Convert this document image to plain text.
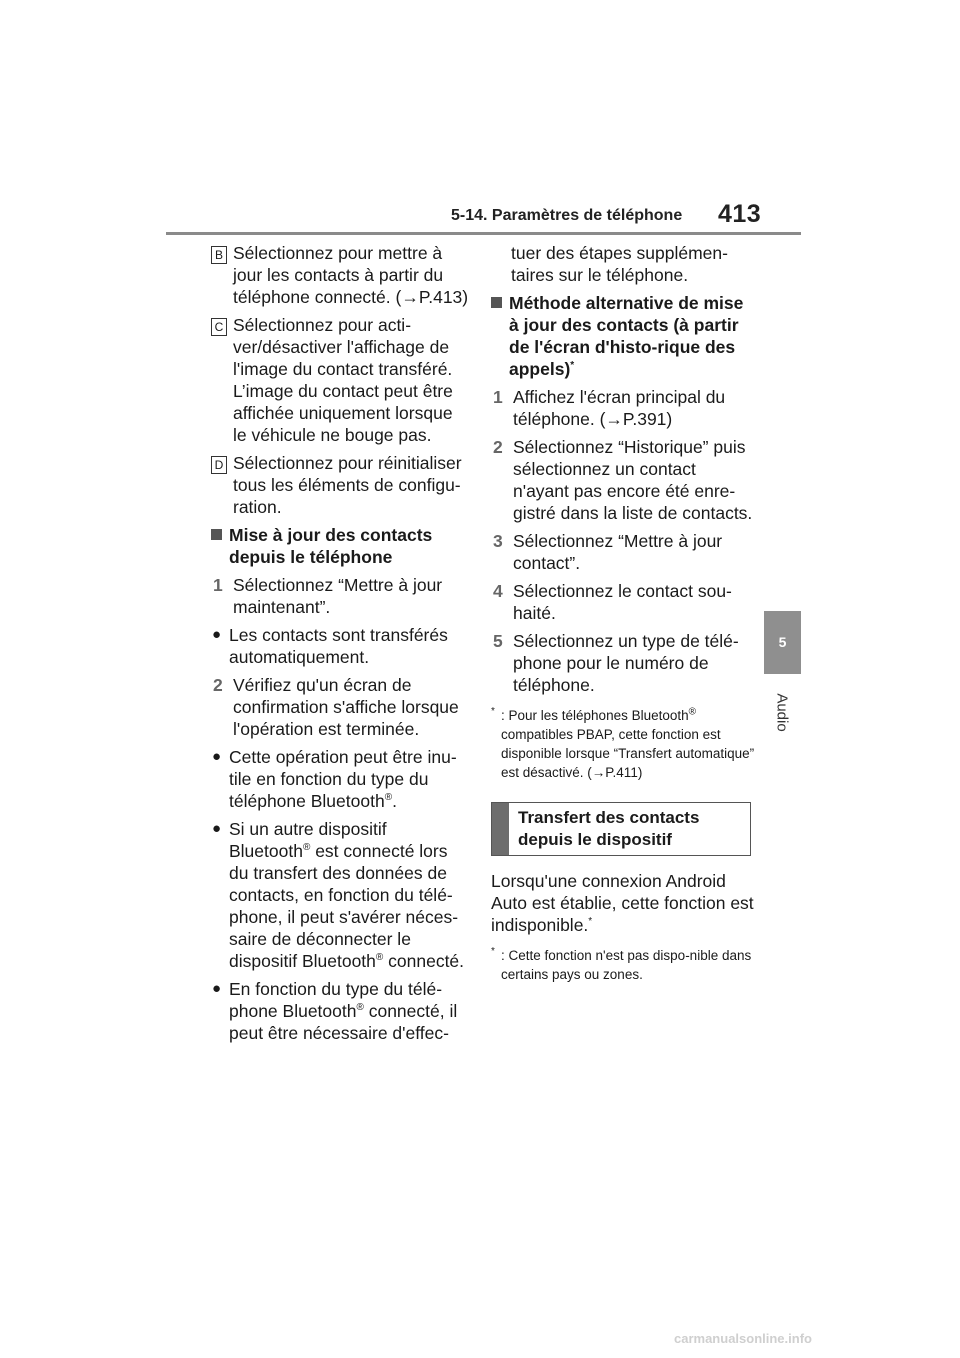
5-14. Paramètres de téléphone 413
5
Audio
B Sélectionnez pour mettre à jour les contacts à partir du téléphone connecté. (→P.413)
C Sélectionnez pour acti-ver/désactiver l'affichage de l'image du contact transféré. L’image du contact peut être affichée uniquement lorsque le véhicule ne bouge pas.
D Sélectionnez pour réinitialiser tous les éléments de configu-ration.
Mise à jour des contacts depuis le téléphone
1 Sélectionnez “Mettre à jour maintenant”.
● Les contacts sont transférés automatiquement.
2 Vérifiez qu'un écran de confirmation s'affiche lorsque l'opération est terminée.
● Cette opération peut être inu-tile en fonction du type du téléphone Bluetooth®.
● Si un autre dispositif Bluetooth® est connecté lors du transfert des données de contacts, en fonction du télé-phone, il peut s'avérer néces-saire de déconnecter le dispositif Bluetooth® connecté.
● En fonction du type du télé-phone Bluetooth® connecté, il peut être nécessaire d'effec-
tuer des étapes supplémen-taires sur le téléphone.
Méthode alternative de mise à jour des contacts (à partir de l'écran d'histo-rique des appels)*
1 Affichez l'écran principal du téléphone. (→P.391)
2 Sélectionnez “Historique” puis sélectionnez un contact n'ayant pas encore été enre-gistré dans la liste de contacts.
3 Sélectionnez “Mettre à jour contact”.
4 Sélectionnez le contact sou-haité.
5 Sélectionnez un type de télé-phone pour le numéro de téléphone.
* : Pour les téléphones Bluetooth® compatibles PBAP, cette fonction est disponible lorsque “Transfert automatique” est désactivé. (→P.411)
Transfert des contacts depuis le dispositif
Lorsqu'une connexion Android Auto est établie, cette fonction est indisponible.*
* : Cette fonction n'est pas dispo-nible dans certains pays ou zones.
carmanualsonline.info
